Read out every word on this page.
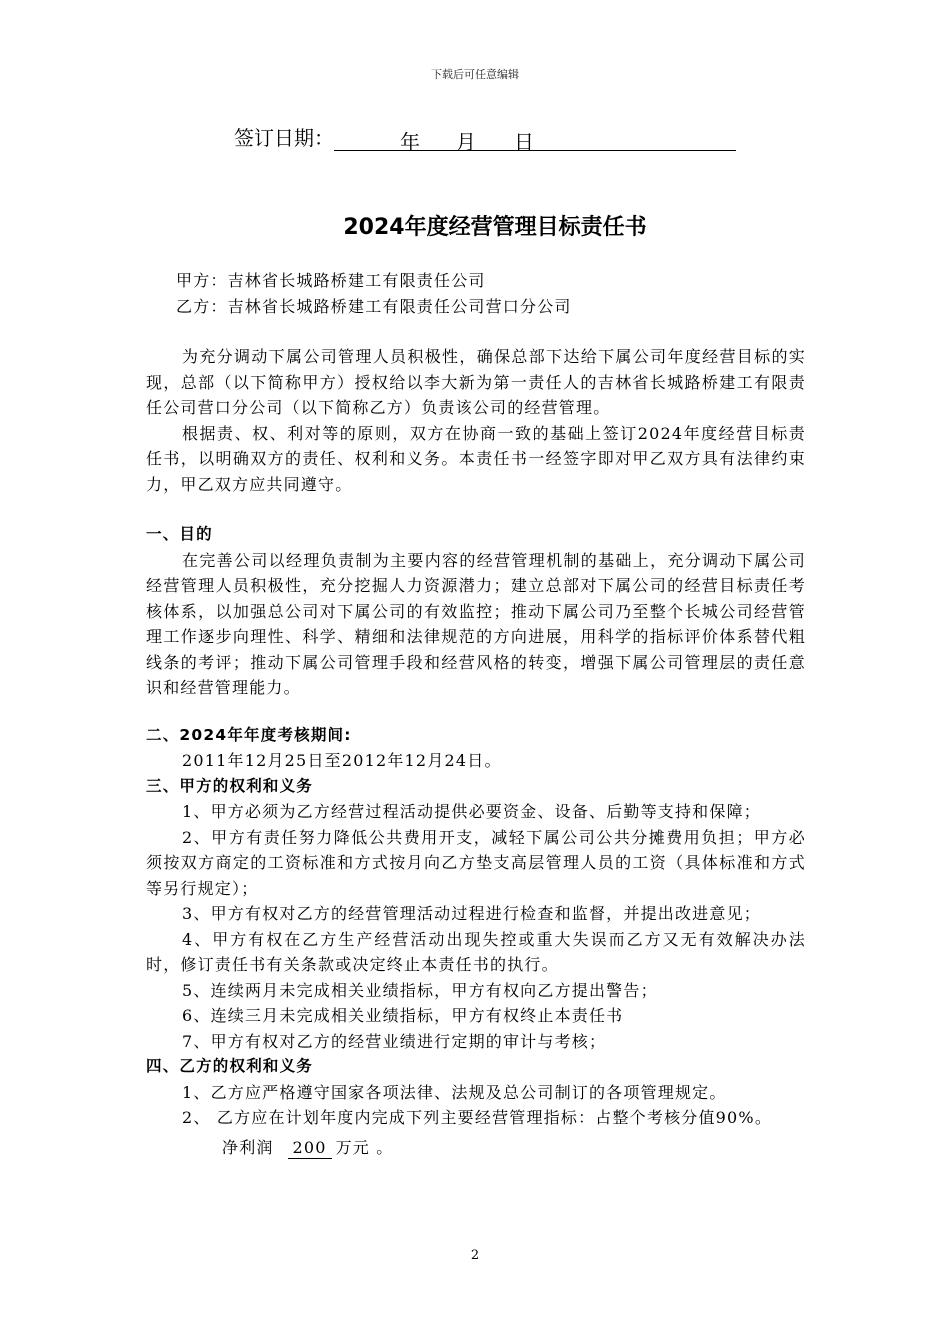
下载后可任意编辑
签订日期：	年 月 日
2024年度经营管理目标责任书

甲方：吉林省长城路桥建工有限责任公司

乙方：吉林省长城路桥建工有限责任公司营口分公司

为充分调动下属公司管理人员积极性，确保总部下达给下属公司年度经营目标的实现，总部（以下简称甲方）授权给以李大新为第一责任人的吉林省长城路桥建工有限责任公司营口分公司（以下简称乙方）负责该公司的经营管理。

根据责、权、利对等的原则，双方在协商一致的基础上签订2024年度经营目标责任书，以明确双方的责任、权利和义务。本责任书一经签字即对甲乙双方具有法律约束力，甲乙双方应共同遵守。

一、目的

在完善公司以经理负责制为主要内容的经营管理机制的基础上，充分调动下属公司经营管理人员积极性，充分挖掘人力资源潜力；建立总部对下属公司的经营目标责任考核体系，以加强总公司对下属公司的有效监控；推动下属公司乃至整个长城公司经营管理工作逐步向理性、科学、精细和法律规范的方向进展，用科学的指标评价体系替代粗线条的考评；推动下属公司管理手段和经营风格的转变，增强下属公司管理层的责任意识和经营管理能力。

二、2024年年度考核期间:

2011年12月25日至2012年12月24日。

三、甲方的权利和义务

1、甲方必须为乙方经营过程活动提供必要资金、设备、后勤等支持和保障；

2、甲方有责任努力降低公共费用开支，减轻下属公司公共分摊费用负担；甲方必须按双方商定的工资标准和方式按月向乙方垫支高层管理人员的工资（具体标准和方式等另行规定）；

3、甲方有权对乙方的经营管理活动过程进行检查和监督，并提出改进意见；

4、甲方有权在乙方生产经营活动出现失控或重大失误而乙方又无有效解决办法时，修订责任书有关条款或决定终止本责任书的执行。

5、连续两月未完成相关业绩指标，甲方有权向乙方提出警告；

6、连续三月未完成相关业绩指标，甲方有权终止本责任书

7、甲方有权对乙方的经营业绩进行定期的审计与考核；

四、乙方的权利和义务

1、乙方应严格遵守国家各项法律、法规及总公司制订的各项管理规定。

2、 乙方应在计划年度内完成下列主要经营管理指标：占整个考核分值90%。

净利润 200 万元 。

2
